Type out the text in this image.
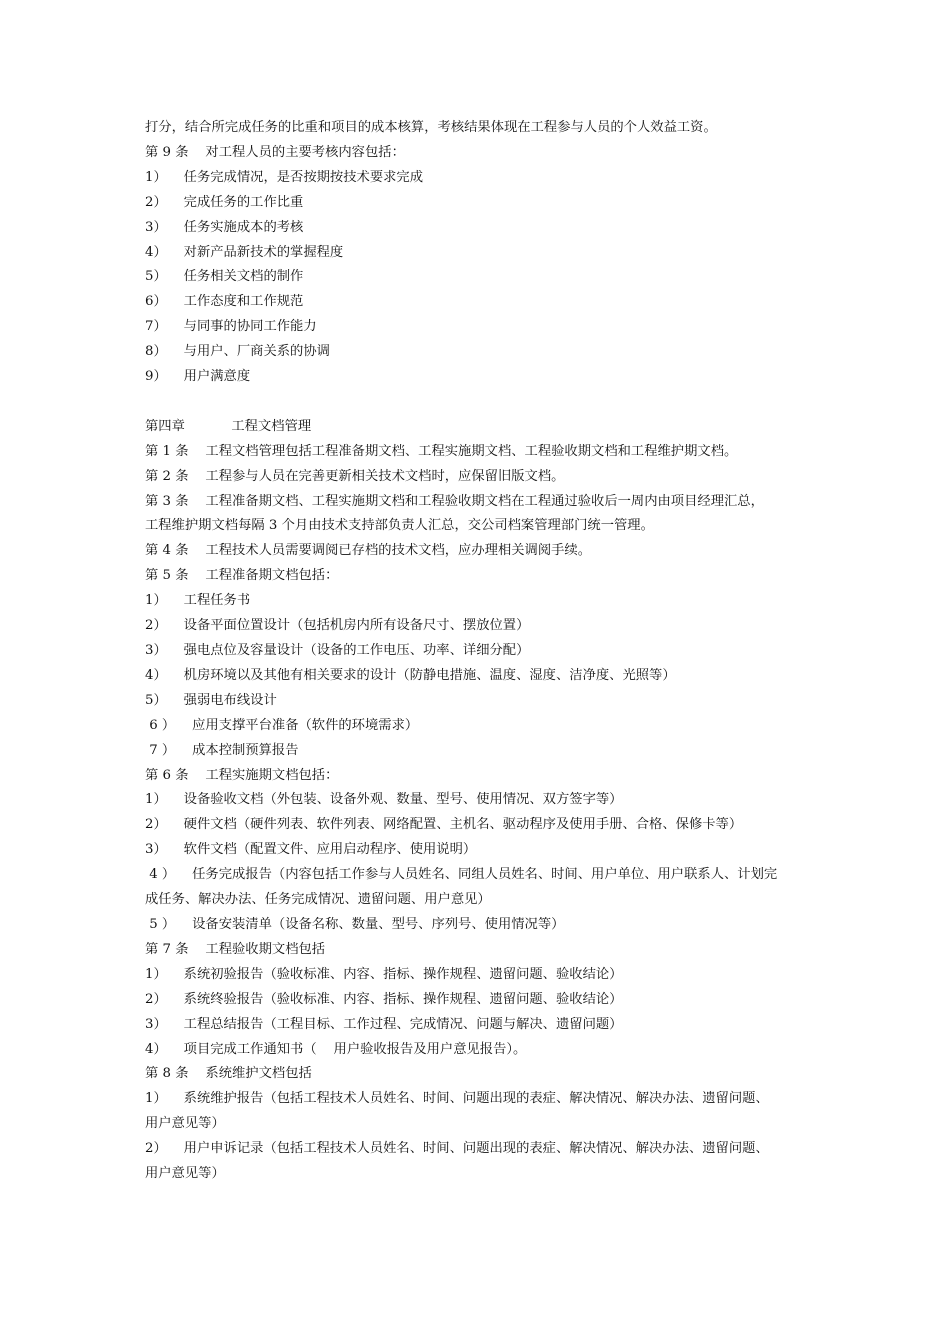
打分，结合所完成任务的比重和项目的成本核算，考核结果体现在工程参与人员的个人效益工资。

第 9 条    对工程人员的主要考核内容包括：

1）    任务完成情况，是否按期按技术要求完成

2）    完成任务的工作比重

3）    任务实施成本的考核

4）    对新产品新技术的掌握程度

5）    任务相关文档的制作

6）    工作态度和工作规范

7）    与同事的协同工作能力

8）    与用户、厂商关系的协调

9）    用户满意度

第四章           工程文档管理

第 1 条    工程文档管理包括工程准备期文档、工程实施期文档、工程验收期文档和工程维护期文档。

第 2 条    工程参与人员在完善更新相关技术文档时，应保留旧版文档。

第 3 条    工程准备期文档、工程实施期文档和工程验收期文档在工程通过验收后一周内由项目经理汇总，

工程维护期文档每隔 3 个月由技术支持部负责人汇总，交公司档案管理部门统一管理。

第 4 条    工程技术人员需要调阅已存档的技术文档，应办理相关调阅手续。

第 5 条    工程准备期文档包括：

1）    工程任务书

2）    设备平面位置设计（包括机房内所有设备尺寸、摆放位置）

3）    强电点位及容量设计（设备的工作电压、功率、详细分配）

4）    机房环境以及其他有相关要求的设计（防静电措施、温度、湿度、洁净度、光照等）

5）    强弱电布线设计

6 ）    应用支撑平台准备（软件的环境需求）

7 ）    成本控制预算报告

第 6 条    工程实施期文档包括：

1）    设备验收文档（外包装、设备外观、数量、型号、使用情况、双方签字等）

2）    硬件文档（硬件列表、软件列表、网络配置、主机名、驱动程序及使用手册、合格、保修卡等）

3）    软件文档（配置文件、应用启动程序、使用说明）

4 ）    任务完成报告（内容包括工作参与人员姓名、同组人员姓名、时间、用户单位、用户联系人、计划完

成任务、解决办法、任务完成情况、遗留问题、用户意见）

5 ）    设备安装清单（设备名称、数量、型号、序列号、使用情况等）

第 7 条    工程验收期文档包括

1）    系统初验报告（验收标准、内容、指标、操作规程、遗留问题、验收结论）

2）    系统终验报告（验收标准、内容、指标、操作规程、遗留问题、验收结论）

3）    工程总结报告（工程目标、工作过程、完成情况、问题与解决、遗留问题）

4）    项目完成工作通知书（    用户验收报告及用户意见报告）。

第 8 条    系统维护文档包括

1）    系统维护报告（包括工程技术人员姓名、时间、问题出现的表症、解决情况、解决办法、遗留问题、

用户意见等）

2）    用户申诉记录（包括工程技术人员姓名、时间、问题出现的表症、解决情况、解决办法、遗留问题、

用户意见等）
